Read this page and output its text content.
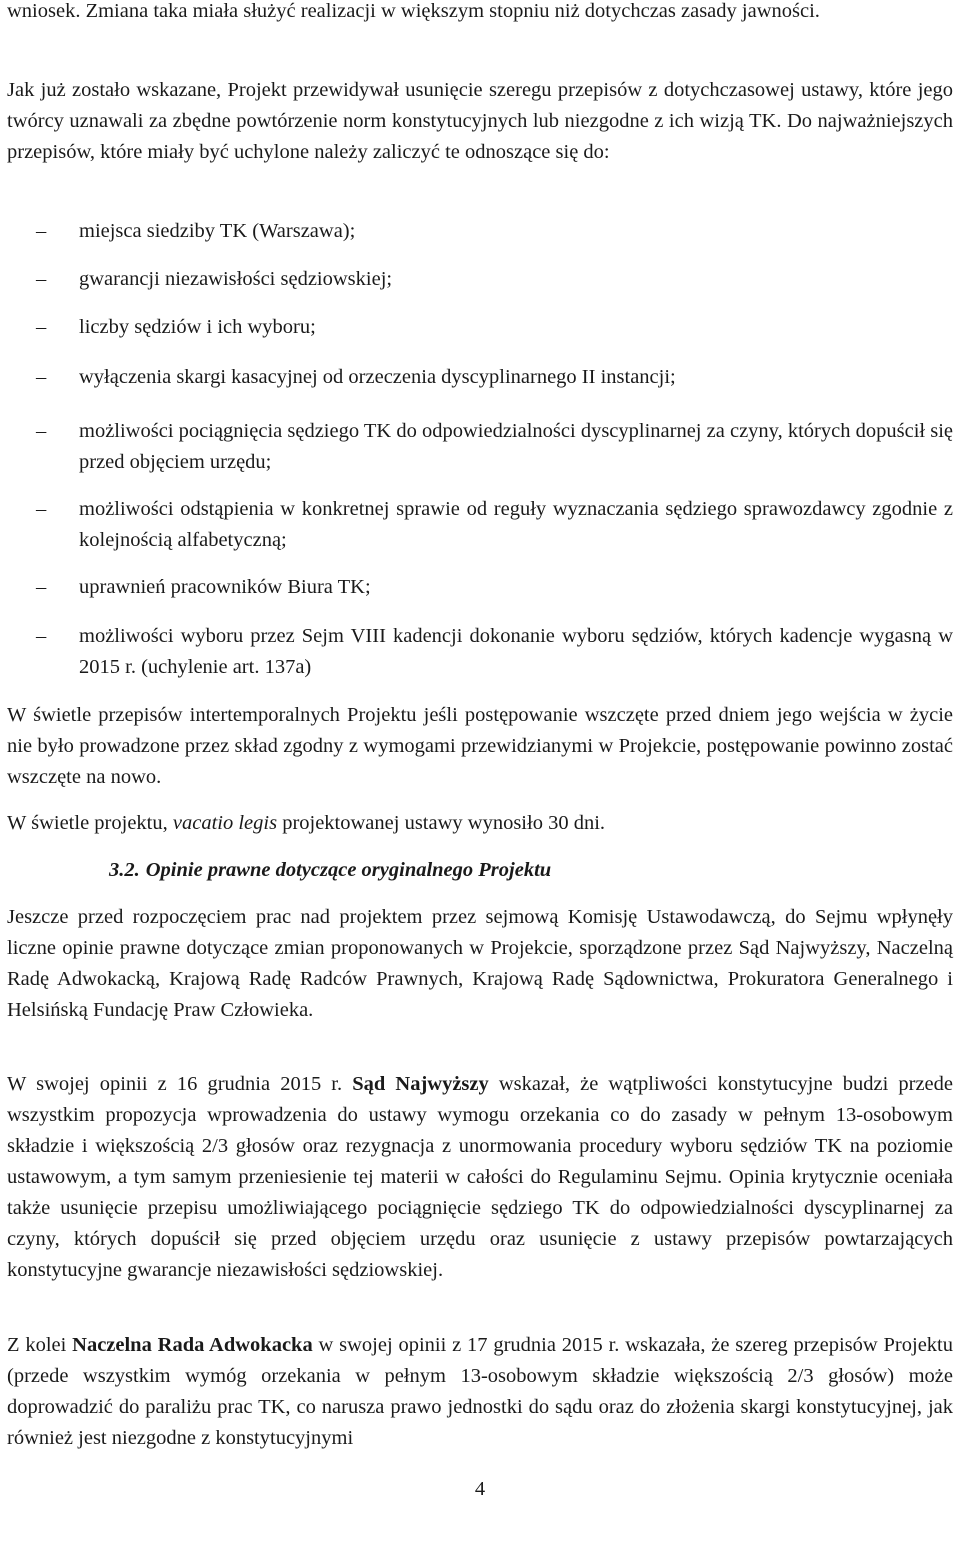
wniosek. Zmiana taka miała służyć realizacji w większym stopniu niż dotychczas zasady jawności.

Jak już zostało wskazane, Projekt przewidywał usunięcie szeregu przepisów z dotychczasowej ustawy, które jego twórcy uznawali za zbędne powtórzenie norm konstytucyjnych lub niezgodne z ich wizją TK. Do najważniejszych przepisów, które miały być uchylone należy zaliczyć te odnoszące się do:

– miejsca siedziby TK (Warszawa);
– gwarancji niezawisłości sędziowskiej;
– liczby sędziów i ich wyboru;
– wyłączenia skargi kasacyjnej od orzeczenia dyscyplinarnego II instancji;
– możliwości pociągnięcia sędziego TK do odpowiedzialności dyscyplinarnej za czyny, których dopuścił się przed objęciem urzędu;
– możliwości odstąpienia w konkretnej sprawie od reguły wyznaczania sędziego sprawozdawcy zgodnie z kolejnością alfabetyczną;
– uprawnień pracowników Biura TK;
– możliwości wyboru przez Sejm VIII kadencji dokonanie wyboru sędziów, których kadencje wygasną w 2015 r. (uchylenie art. 137a)

W świetle przepisów intertemporalnych Projektu jeśli postępowanie wszczęte przed dniem jego wejścia w życie nie było prowadzone przez skład zgodny z wymogami przewidzianymi w Projekcie, postępowanie powinno zostać wszczęte na nowo.

W świetle projektu, vacatio legis projektowanej ustawy wynosiło 30 dni.

3.2. Opinie prawne dotyczące oryginalnego Projektu

Jeszcze przed rozpoczęciem prac nad projektem przez sejmową Komisję Ustawodawczą, do Sejmu wpłynęły liczne opinie prawne dotyczące zmian proponowanych w Projekcie, sporządzone przez Sąd Najwyższy, Naczelną Radę Adwokacką, Krajową Radę Radców Prawnych, Krajową Radę Sądownictwa, Prokuratora Generalnego i Helsińską Fundację Praw Człowieka.

W swojej opinii z 16 grudnia 2015 r. Sąd Najwyższy wskazał, że wątpliwości konstytucyjne budzi przede wszystkim propozycja wprowadzenia do ustawy wymogu orzekania co do zasady w pełnym 13-osobowym składzie i większością 2/3 głosów oraz rezygnacja z unormowania procedury wyboru sędziów TK na poziomie ustawowym, a tym samym przeniesienie tej materii w całości do Regulaminu Sejmu. Opinia krytycznie oceniała także usunięcie przepisu umożliwiającego pociągnięcie sędziego TK do odpowiedzialności dyscyplinarnej za czyny, których dopuścił się przed objęciem urzędu oraz usunięcie z ustawy przepisów powtarzających konstytucyjne gwarancje niezawisłości sędziowskiej.

Z kolei Naczelna Rada Adwokacka w swojej opinii z 17 grudnia 2015 r. wskazała, że szereg przepisów Projektu (przede wszystkim wymóg orzekania w pełnym 13-osobowym składzie większością 2/3 głosów) może doprowadzić do paraliżu prac TK, co narusza prawo jednostki do sądu oraz do złożenia skargi konstytucyjnej, jak również jest niezgodne z konstytucyjnymi

4
